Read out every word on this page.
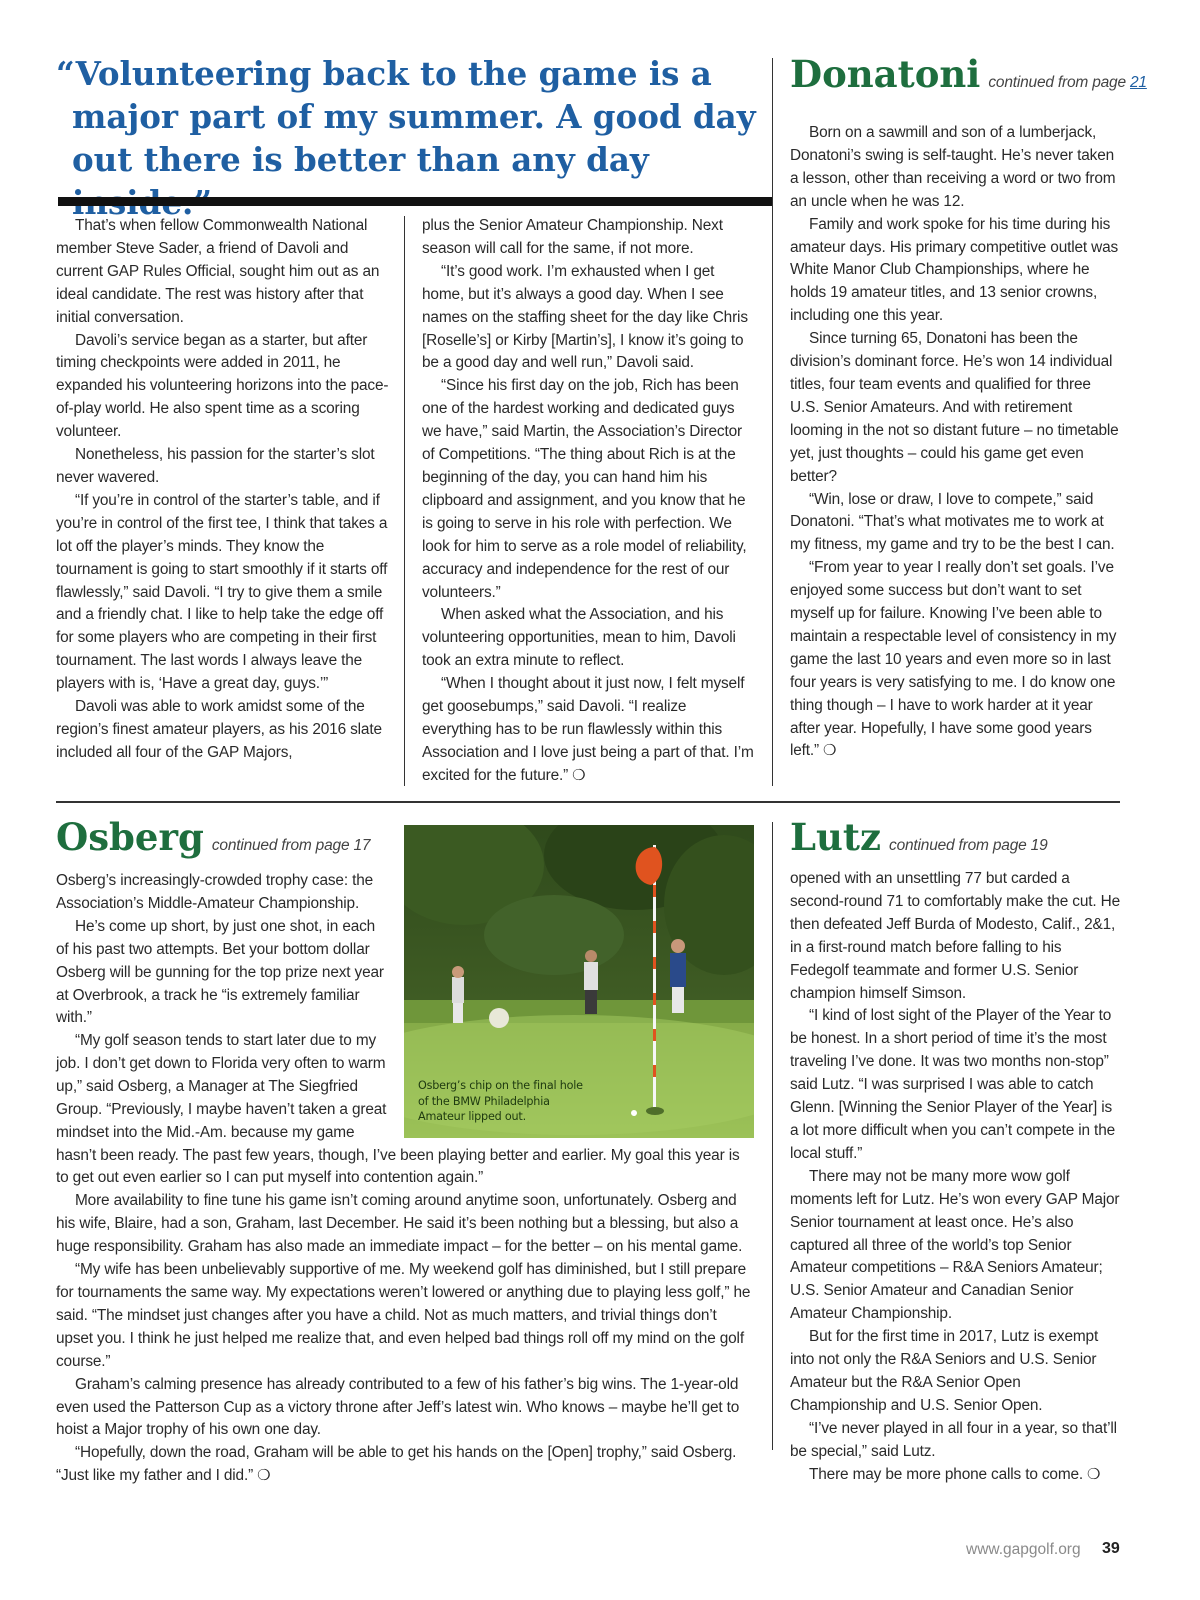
“Volunteering back to the game is a major part of my summer. A good day out there is better than any day

That’s when fellow Commonwealth National member Steve Sader, a friend of Davoli and current GAP Rules Official, sought him out as an ideal candidate. The rest was history after that initial conversation.

Davoli’s service began as a starter, but after timing checkpoints were added in 2011, he expanded his volunteering horizons into the pace-of-play world. He also spent time as a scoring volunteer.

Nonetheless, his passion for the starter’s slot never wavered.

“If you’re in control of the starter’s table, and if you’re in control of the first tee, I think that takes a lot off the player’s minds. They know the tournament is going to start smoothly if it starts off flawlessly,” said Davoli. “I try to give them a smile and a friendly chat. I like to help take the edge off for some players who are competing in their first tournament. The last words I always leave the players with is, ‘Have a great day, guys.’”

Davoli was able to work amidst some of the region’s finest amateur players, as his 2016 slate included all four of the GAP Majors,

plus the Senior Amateur Championship. Next season will call for the same, if not more.

“It’s good work. I’m exhausted when I get home, but it’s always a good day. When I see names on the staffing sheet for the day like Chris [Roselle’s] or Kirby [Martin’s], I know it’s going to be a good day and well run,” Davoli said.

“Since his first day on the job, Rich has been one of the hardest working and dedicated guys we have,” said Martin, the Association’s Director of Competitions. “The thing about Rich is at the beginning of the day, you can hand him his clipboard and assignment, and you know that he is going to serve in his role with perfection. We look for him to serve as a role model of reliability, accuracy and independence for the rest of our volunteers.”

When asked what the Association, and his volunteering opportunities, mean to him, Davoli took an extra minute to reflect.

“When I thought about it just now, I felt myself get goosebumps,” said Davoli. “I realize everything has to be run flawlessly within this Association and I love just being a part of that. I’m excited for the future.” ❍

Donatoni continued from page 21

Born on a sawmill and son of a lumberjack, Donatoni’s swing is self-taught. He’s never taken a lesson, other than receiving a word or two from an uncle when he was 12.

Family and work spoke for his time during his amateur days. His primary competitive outlet was White Manor Club Championships, where he holds 19 amateur titles, and 13 senior crowns, including one this year.

Since turning 65, Donatoni has been the division’s dominant force. He’s won 14 individual titles, four team events and qualified for three U.S. Senior Amateurs. And with retirement looming in the not so distant future – no timetable yet, just thoughts – could his game get even better?

“Win, lose or draw, I love to compete,” said Donatoni. “That’s what motivates me to work at my fitness, my game and try to be the best I can.

“From year to year I really don’t set goals. I’ve enjoyed some success but don’t want to set myself up for failure. Knowing I’ve been able to maintain a respectable level of consistency in my game the last 10 years and even more so in last four years is very satisfying to me. I do know one thing though – I have to work harder at it year after year. Hopefully, I have some good years left.” ❍

Osberg continued from page 17

Osberg’s chip on the final hole of the BMW Philadelphia Amateur lipped out.

Osberg’s increasingly-crowded trophy case: the Association’s Middle-Amateur Championship.

He’s come up short, by just one shot, in each of his past two attempts. Bet your bottom dollar Osberg will be gunning for the top prize next year at Overbrook, a track he “is extremely familiar with.”

“My golf season tends to start later due to my job. I don’t get down to Florida very often to warm up,” said Osberg, a Manager at The Siegfried Group. “Previously, I maybe haven’t taken a great mindset into the Mid.-Am. because my game hasn’t been ready. The past few years, though, I’ve been playing better and earlier. My goal this year is to get out even earlier so I can put myself into contention again.”

More availability to fine tune his game isn’t coming around anytime soon, unfortunately. Osberg and his wife, Blaire, had a son, Graham, last December. He said it’s been nothing but a blessing, but also a huge responsibility. Graham has also made an immediate impact – for the better – on his mental game.

“My wife has been unbelievably supportive of me. My weekend golf has diminished, but I still prepare for tournaments the same way. My expectations weren’t lowered or anything due to playing less golf,” he said. “The mindset just changes after you have a child. Not as much matters, and trivial things don’t upset you. I think he just helped me realize that, and even helped bad things roll off my mind on the golf course.”

Graham’s calming presence has already contributed to a few of his father’s big wins. The 1-year-old even used the Patterson Cup as a victory throne after Jeff’s latest win. Who knows – maybe he’ll get to hoist a Major trophy of his own one day.

“Hopefully, down the road, Graham will be able to get his hands on the [Open] trophy,” said Osberg. “Just like my father and I did.” ❍

Lutz continued from page 19

opened with an unsettling 77 but carded a second-round 71 to comfortably make the cut. He then defeated Jeff Burda of Modesto, Calif., 2&1, in a first-round match before falling to his Fedegolf teammate and former U.S. Senior champion himself Simson.

“I kind of lost sight of the Player of the Year to be honest. In a short period of time it’s the most traveling I’ve done. It was two months non-stop” said Lutz. “I was surprised I was able to catch Glenn. [Winning the Senior Player of the Year] is a lot more difficult when you can’t compete in the local stuff.”

There may not be many more wow golf moments left for Lutz. He’s won every GAP Major Senior tournament at least once. He’s also captured all three of the world’s top Senior Amateur competitions – R&A Seniors Amateur; U.S. Senior Amateur and Canadian Senior Amateur Championship.

But for the first time in 2017, Lutz is exempt into not only the R&A Seniors and U.S. Senior Amateur but the R&A Senior Open Championship and U.S. Senior Open.

“I’ve never played in all four in a year, so that’ll be special,” said Lutz.

There may be more phone calls to come. ❍

www.gapgolf.org 39
